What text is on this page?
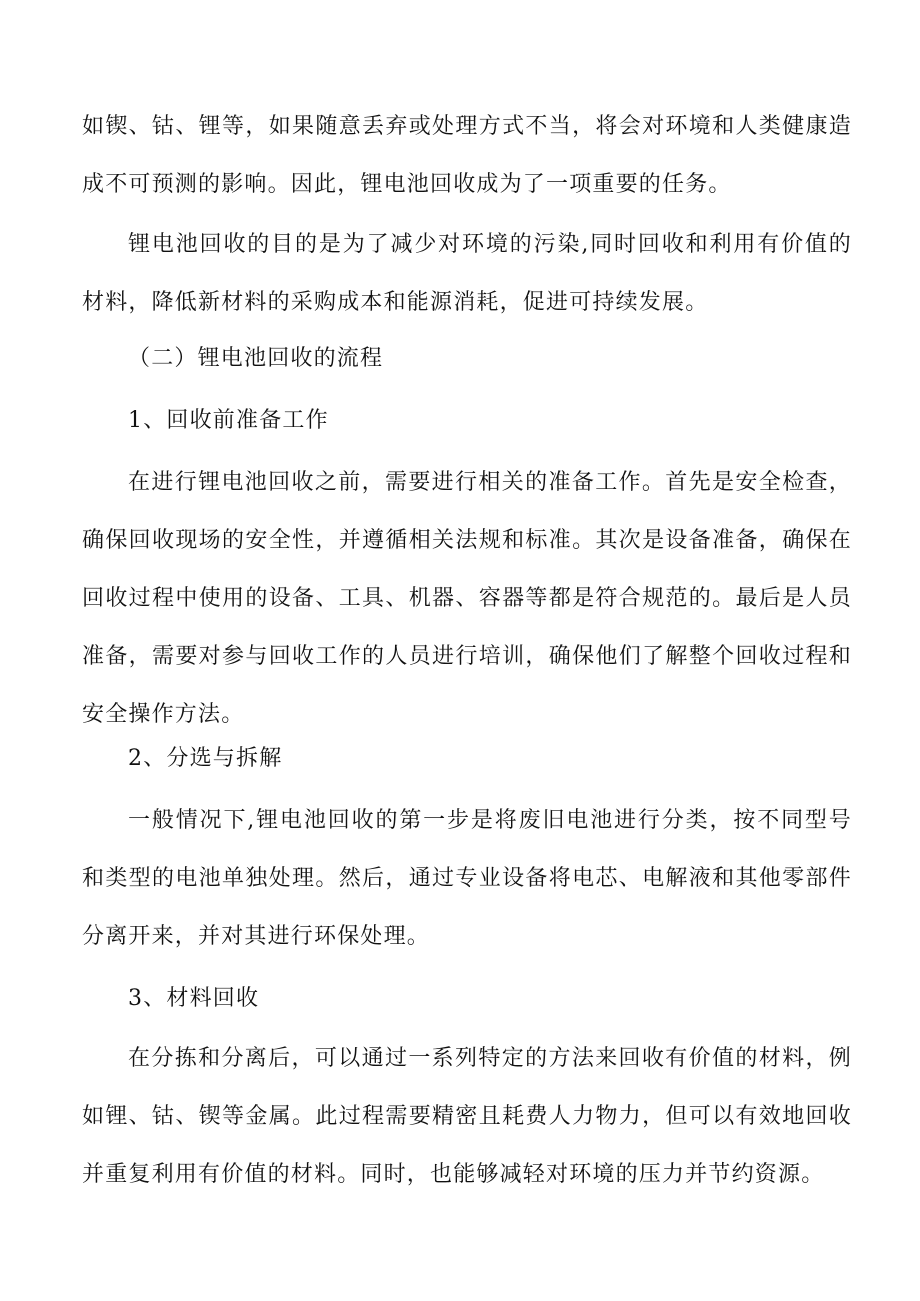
如锲、钴、锂等，如果随意丢弃或处理方式不当，将会对环境和人类健康造成不可预测的影响。因此，锂电池回收成为了一项重要的任务。

锂电池回收的目的是为了减少对环境的污染,同时回收和利用有价值的材料，降低新材料的采购成本和能源消耗，促进可持续发展。

（二）锂电池回收的流程

1、回收前准备工作

在进行锂电池回收之前，需要进行相关的准备工作。首先是安全检查，确保回收现场的安全性，并遵循相关法规和标准。其次是设备准备，确保在回收过程中使用的设备、工具、机器、容器等都是符合规范的。最后是人员准备，需要对参与回收工作的人员进行培训，确保他们了解整个回收过程和安全操作方法。

2、分选与拆解

一般情况下,锂电池回收的第一步是将废旧电池进行分类，按不同型号和类型的电池单独处理。然后，通过专业设备将电芯、电解液和其他零部件分离开来，并对其进行环保处理。

3、材料回收

在分拣和分离后，可以通过一系列特定的方法来回收有价值的材料，例如锂、钴、锲等金属。此过程需要精密且耗费人力物力，但可以有效地回收并重复利用有价值的材料。同时，也能够减轻对环境的压力并节约资源。
